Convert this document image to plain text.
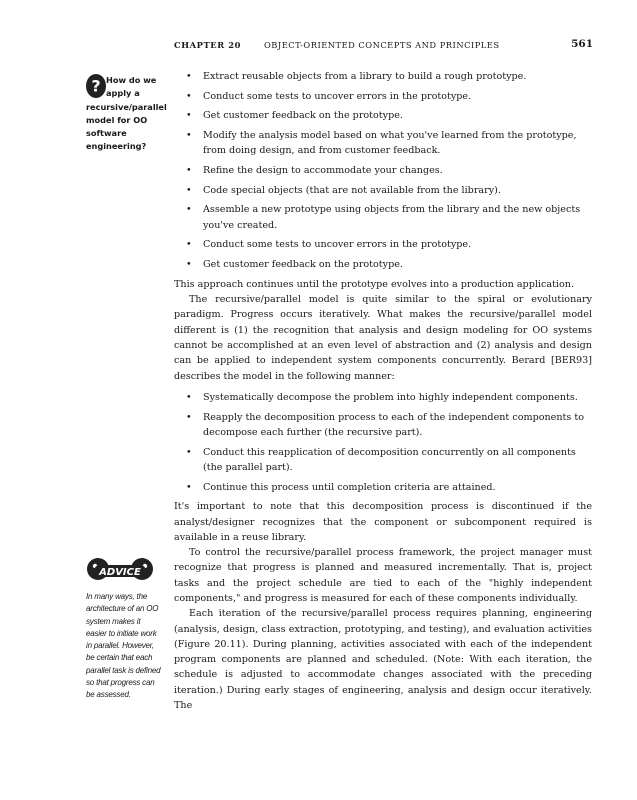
CHAPTER 20	OBJECT-ORIENTED CONCEPTS AND PRINCIPLES	561
? How do we
apply a
recursive/parallel
model for OO
software
engineering?
ADVICE
In many ways, the architecture of an OO system makes it easier to initiate work in parallel. However, be certain that each parallel task is defined so that progress can be assessed.
• Extract reusable objects from a library to build a rough prototype.
• Conduct some tests to uncover errors in the prototype.
• Get customer feedback on the prototype.
• Modify the analysis model based on what you've learned from the prototype, from doing design, and from customer feedback.
• Refine the design to accommodate your changes.
• Code special objects (that are not available from the library).
• Assemble a new prototype using objects from the library and the new objects you've created.
• Conduct some tests to uncover errors in the prototype.
• Get customer feedback on the prototype.

This approach continues until the prototype evolves into a production application.

The recursive/parallel model is quite similar to the spiral or evolutionary paradigm. Progress occurs iteratively. What makes the recursive/parallel model different is (1) the recognition that analysis and design modeling for OO systems cannot be accomplished at an even level of abstraction and (2) analysis and design can be applied to independent system components concurrently. Berard [BER93] describes the model in the following manner:

• Systematically decompose the problem into highly independent components.
• Reapply the decomposition process to each of the independent components to decompose each further (the recursive part).
• Conduct this reapplication of decomposition concurrently on all components (the parallel part).
• Continue this process until completion criteria are attained.

It's important to note that this decomposition process is discontinued if the analyst/designer recognizes that the component or subcomponent required is available in a reuse library.

To control the recursive/parallel process framework, the project manager must recognize that progress is planned and measured incrementally. That is, project tasks and the project schedule are tied to each of the "highly independent components," and progress is measured for each of these components individually.

Each iteration of the recursive/parallel process requires planning, engineering (analysis, design, class extraction, prototyping, and testing), and evaluation activities (Figure 20.11). During planning, activities associated with each of the independent program components are planned and scheduled. (Note: With each iteration, the schedule is adjusted to accommodate changes associated with the preceding iteration.) During early stages of engineering, analysis and design occur iteratively. The
